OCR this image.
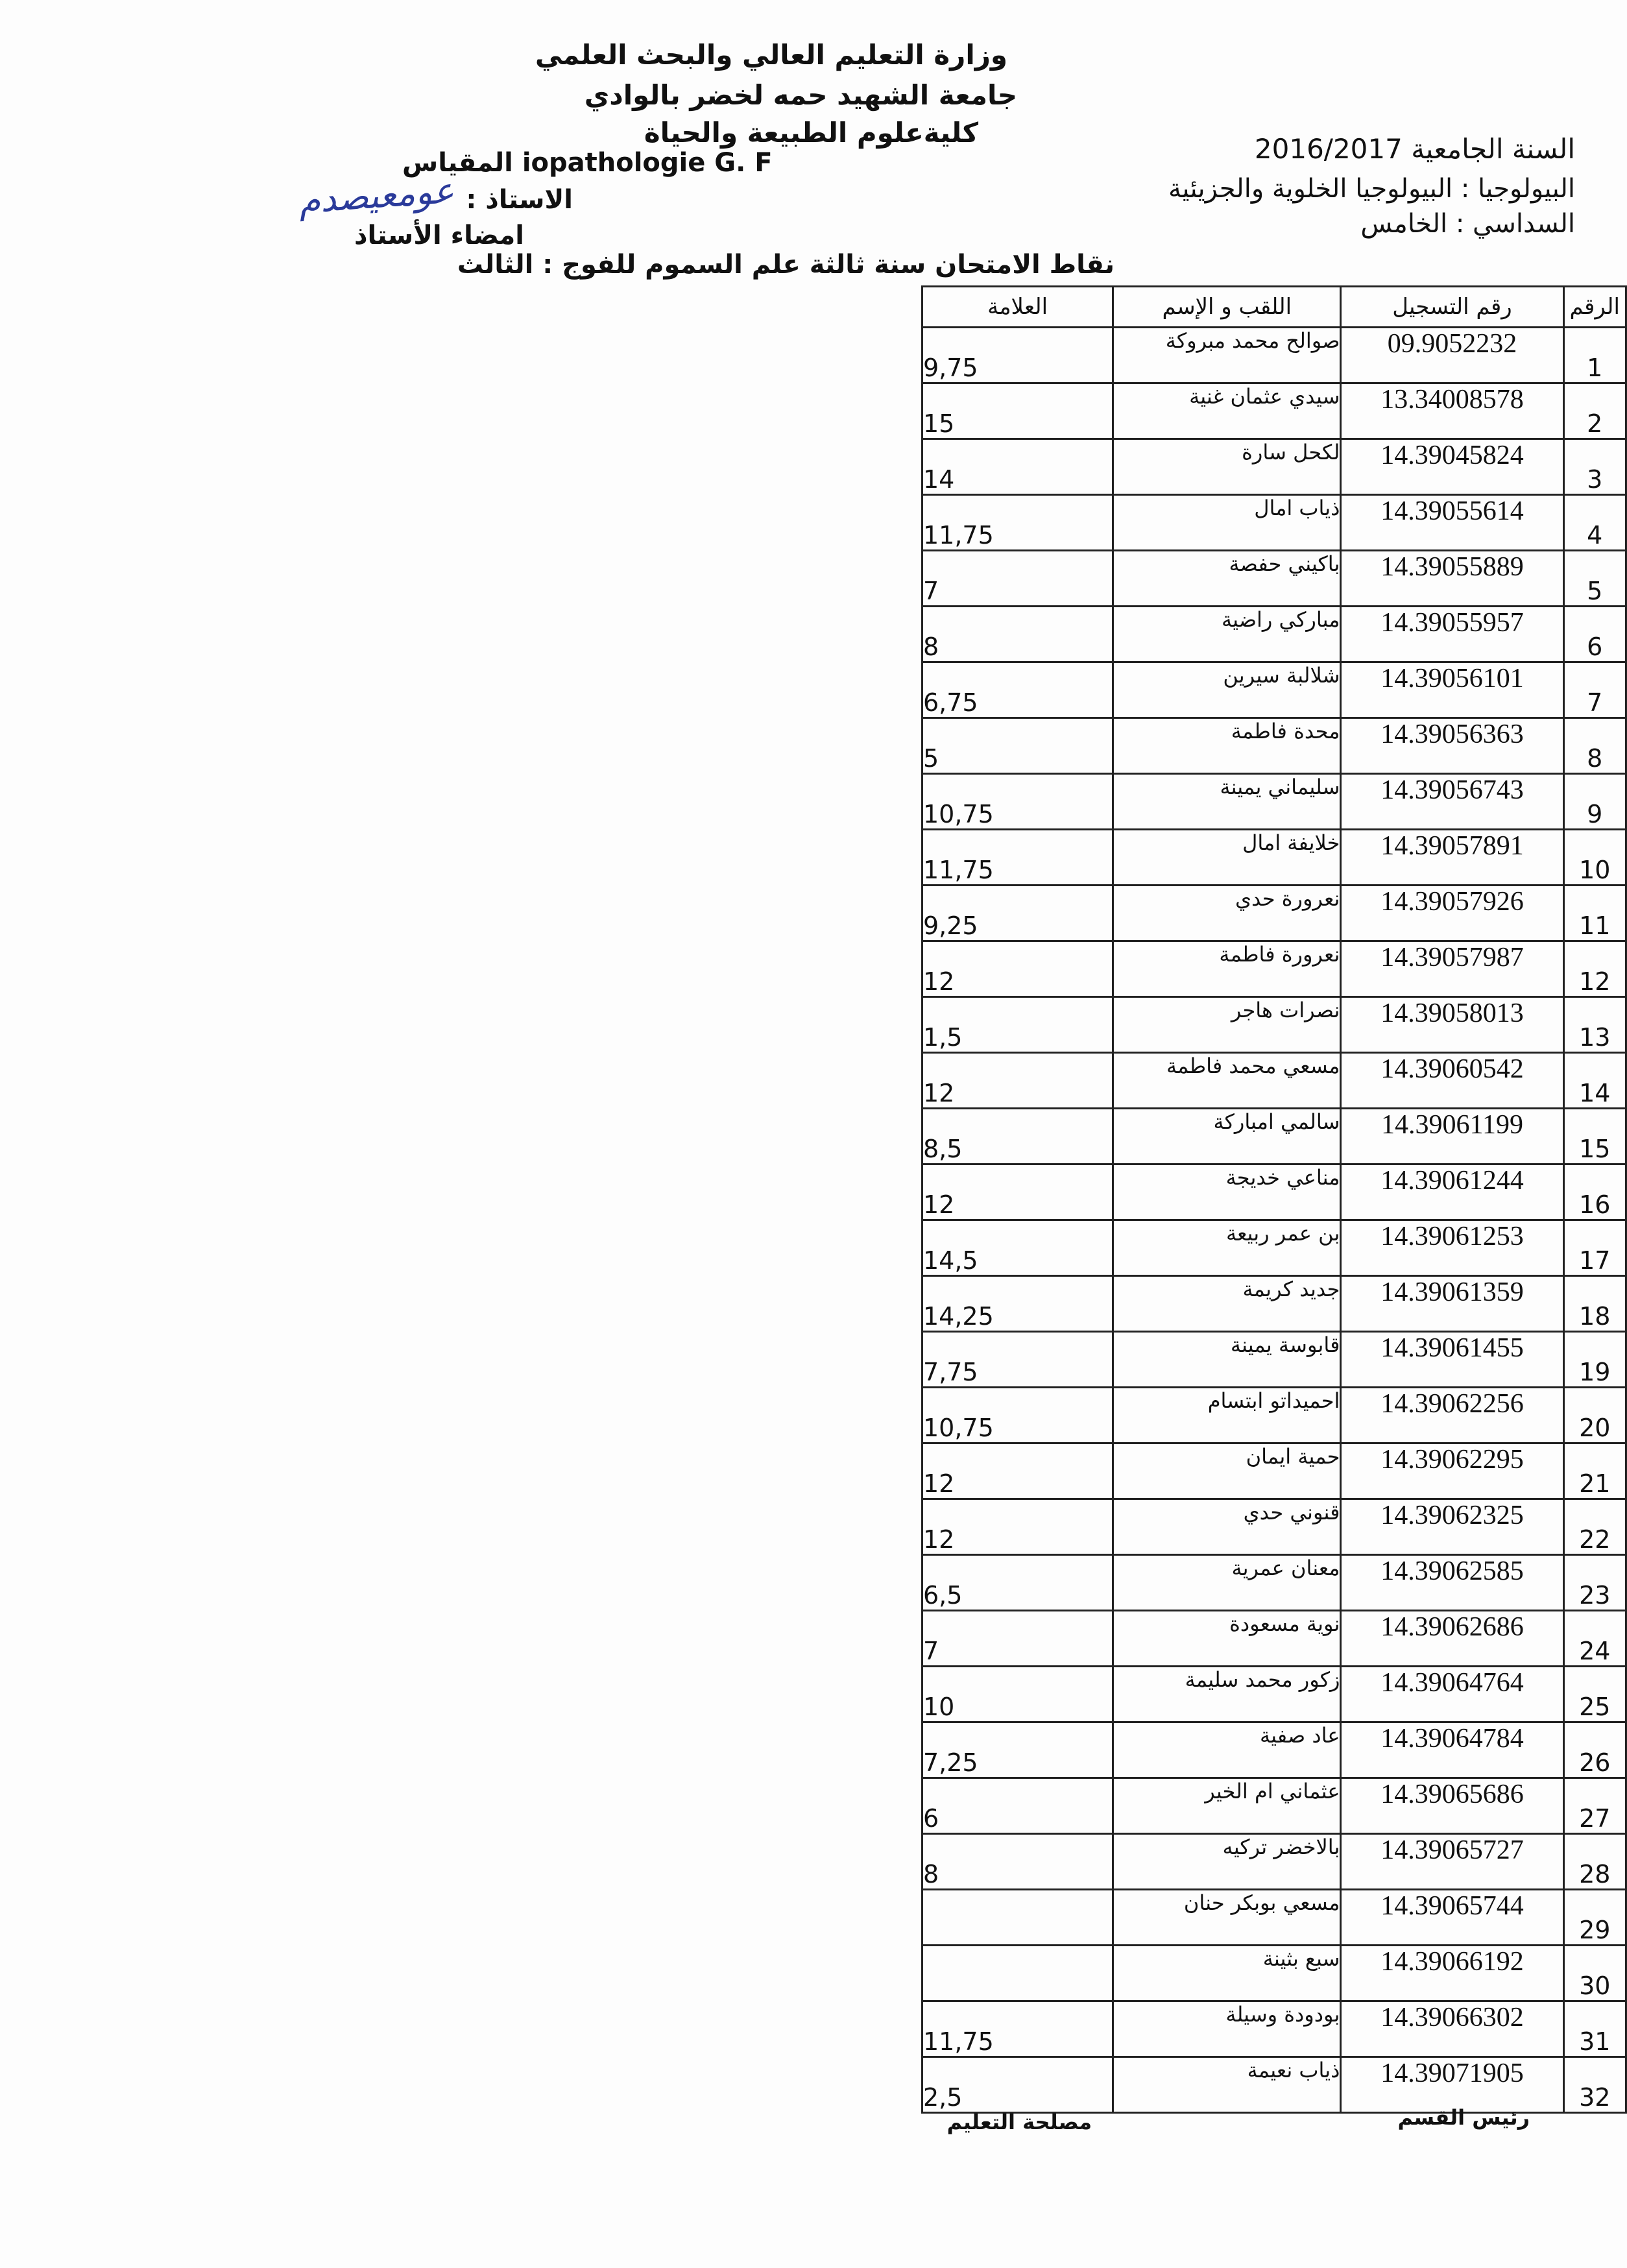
وزارة التعليم العالي والبحث العلمي
جامعة الشهيد حمه لخضر بالوادي
كليةعلوم الطبيعة والحياة
السنة الجامعية 2016/2017
البيولوجيا : البيولوجيا الخلوية والجزيئية
السداسي : الخامس
المقياس iopathologie G. F
الاستاذ :
عومعيصدم
امضاء الأستاذ
نقاط الامتحان سنة ثالثة علم السموم للفوج : الثالث
الرقم	رقم التسجيل	اللقب و الإسم	العلامة
1	09.9052232	صوالح محمد مبروكة	9,75
2	13.34008578	سيدي عثمان غنية	15
3	14.39045824	لكحل سارة	14
4	14.39055614	ذياب امال	11,75
5	14.39055889	باكيني حفصة	7
6	14.39055957	مباركي راضية	8
7	14.39056101	شلالبة سيرين	6,75
8	14.39056363	محدة فاطمة	5
9	14.39056743	سليماني يمينة	10,75
10	14.39057891	خلايفة امال	11,75
11	14.39057926	نعرورة حدي	9,25
12	14.39057987	نعرورة فاطمة	12
13	14.39058013	نصرات هاجر	1,5
14	14.39060542	مسعي محمد فاطمة	12
15	14.39061199	سالمي امباركة	8,5
16	14.39061244	مناعي خديجة	12
17	14.39061253	بن عمر ربيعة	14,5
18	14.39061359	جديد كريمة	14,25
19	14.39061455	قابوسة يمينة	7,75
20	14.39062256	احميداتو ابتسام	10,75
21	14.39062295	حمية ايمان	12
22	14.39062325	قنوني حدي	12
23	14.39062585	معنان عمرية	6,5
24	14.39062686	نوية مسعودة	7
25	14.39064764	زكور محمد سليمة	10
26	14.39064784	عاد صفية	7,25
27	14.39065686	عثماني ام الخير	6
28	14.39065727	بالاخضر تركيه	8
29	14.39065744	مسعي بوبكر حنان	
30	14.39066192	سبع بثينة	
31	14.39066302	بودودة وسيلة	11,75
32	14.39071905	ذياب نعيمة	2,5
رئيس القسم
مصلحة التعليم
